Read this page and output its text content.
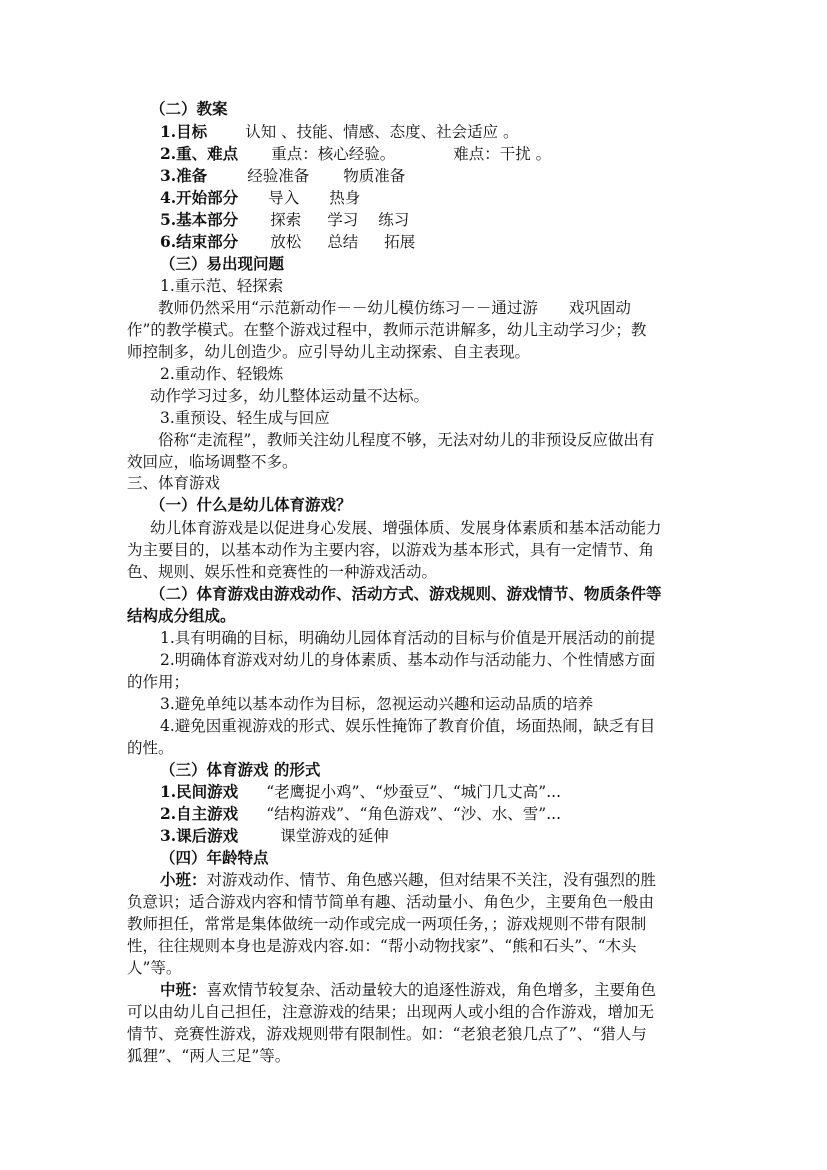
（二）教案
1.目标 认知 、技能、情感、态度、社会适应 。
2.重、难点 重点：核心经验。	难点：干扰 。
3.准备	经验准备 物质准备
4.开始部分 导入 热身
5.基本部分 探索 学习 练习
6.结束部分 放松 总结 拓展
（三）易出现问题
1.重示范、轻探索
教师仍然采用“示范新动作－－幼儿模仿练习－－通过游　　戏巩固动
作”的教学模式。在整个游戏过程中，教师示范讲解多，幼儿主动学习少；教
师控制多，幼儿创造少。应引导幼儿主动探索、自主表现。
2.重动作、轻锻炼
动作学习过多，幼儿整体运动量不达标。
3.重预设、轻生成与回应
俗称“走流程”，教师关注幼儿程度不够，无法对幼儿的非预设反应做出有
效回应，临场调整不多。
三、体育游戏
（一）什么是幼儿体育游戏？
幼儿体育游戏是以促进身心发展、增强体质、发展身体素质和基本活动能力
为主要目的，以基本动作为主要内容，以游戏为基本形式，具有一定情节、角
色、规则、娱乐性和竞赛性的一种游戏活动。
（二）体育游戏由游戏动作、活动方式、游戏规则、游戏情节、物质条件等
结构成分组成。
1.具有明确的目标，明确幼儿园体育活动的目标与价值是开展活动的前提
2.明确体育游戏对幼儿的身体素质、基本动作与活动能力、个性情感方面
的作用；
3.避免单纯以基本动作为目标，忽视运动兴趣和运动品质的培养
4.避免因重视游戏的形式、娱乐性掩饰了教育价值，场面热闹，缺乏有目
的性。
（三）体育游戏 的形式
1.民间游戏 “老鹰捉小鸡”、“炒蚕豆”、“城门几丈高”...
2.自主游戏 “结构游戏”、“角色游戏”、“沙、水、雪”...
3.课后游戏	课堂游戏的延伸
（四）年龄特点
小班：对游戏动作、情节、角色感兴趣，但对结果不关注，没有强烈的胜
负意识；适合游戏内容和情节简单有趣、活动量小、角色少，主要角色一般由
教师担任，常常是集体做统一动作或完成一两项任务，；游戏规则不带有限制
性，往往规则本身也是游戏内容.如：“帮小动物找家”、“熊和石头”、“木头
人”等。
中班：喜欢情节较复杂、活动量较大的追逐性游戏，角色增多，主要角色
可以由幼儿自己担任，注意游戏的结果；出现两人或小组的合作游戏，增加无
情节、竞赛性游戏，游戏规则带有限制性。如：“老狼老狼几点了”、“猎人与
狐狸”、“两人三足”等。
